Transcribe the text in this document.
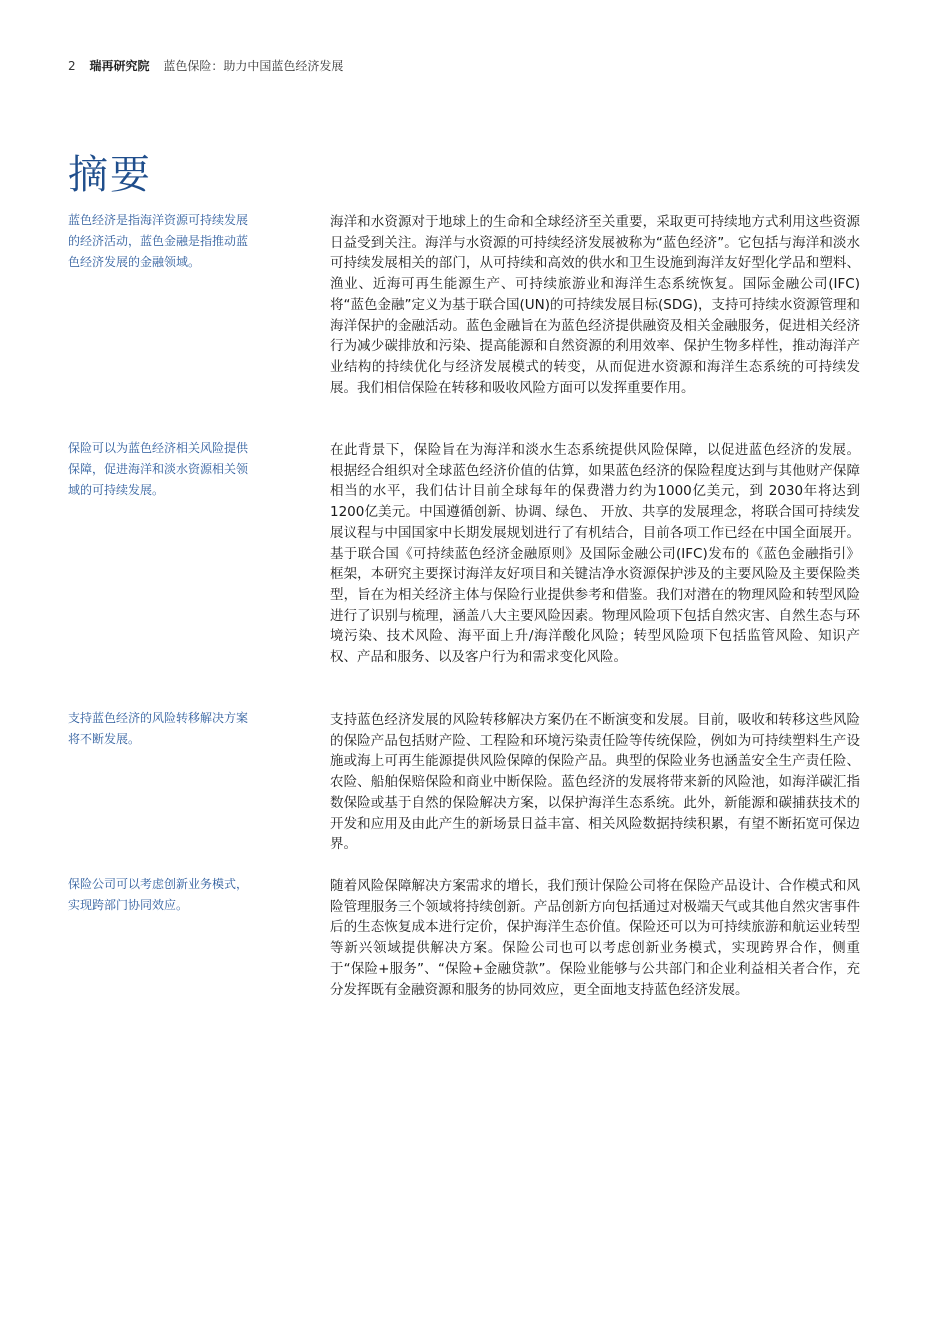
2 瑞再研究院 蓝色保险：助力中国蓝色经济发展
摘要
蓝色经济是指海洋资源可持续发展的经济活动，蓝色金融是指推动蓝色经济发展的金融领域。
海洋和水资源对于地球上的生命和全球经济至关重要，采取更可持续地方式利用这些资源日益受到关注。海洋与水资源的可持续经济发展被称为“蓝色经济”。它包括与海洋和淡水可持续发展相关的部门，从可持续和高效的供水和卫生设施到海洋友好型化学品和塑料、渔业、近海可再生能源生产、可持续旅游业和海洋生态系统恢复。国际金融公司(IFC)将“蓝色金融”定义为基于联合国(UN)的可持续发展目标(SDG)，支持可持续水资源管理和海洋保护的金融活动。蓝色金融旨在为蓝色经济提供融资及相关金融服务，促进相关经济行为减少碳排放和污染、提高能源和自然资源的利用效率、保护生物多样性，推动海洋产业结构的持续优化与经济发展模式的转变，从而促进水资源和海洋生态系统的可持续发展。我们相信保险在转移和吸收风险方面可以发挥重要作用。
保险可以为蓝色经济相关风险提供保障，促进海洋和淡水资源相关领域的可持续发展。
在此背景下，保险旨在为海洋和淡水生态系统提供风险保障，以促进蓝色经济的发展。 根据经合组织对全球蓝色经济价值的估算，如果蓝色经济的保险程度达到与其他财产保障相当的水平，我们估计目前全球每年的保费潜力约为1000亿美元，到 2030年将达到1200亿美元。中国遵循创新、协调、绿色、 开放、共享的发展理念，将联合国可持续发展议程与中国国家中长期发展规划进行了有机结合，目前各项工作已经在中国全面展开。基于联合国《可持续蓝色经济金融原则》及国际金融公司(IFC)发布的《蓝色金融指引》框架，本研究主要探讨海洋友好项目和关键洁净水资源保护涉及的主要风险及主要保险类型，旨在为相关经济主体与保险行业提供参考和借鉴。我们对潜在的物理风险和转型风险进行了识别与梳理，涵盖八大主要风险因素。物理风险项下包括自然灾害、自然生态与环境污染、技术风险、海平面上升/海洋酸化风险；转型风险项下包括监管风险、知识产权、产品和服务、以及客户行为和需求变化风险。
支持蓝色经济的风险转移解决方案将不断发展。
支持蓝色经济发展的风险转移解决方案仍在不断演变和发展。目前，吸收和转移这些风险的保险产品包括财产险、工程险和环境污染责任险等传统保险，例如为可持续塑料生产设施或海上可再生能源提供风险保障的保险产品。典型的保险业务也涵盖安全生产责任险、农险、船舶保赔保险和商业中断保险。蓝色经济的发展将带来新的风险池，如海洋碳汇指数保险或基于自然的保险解决方案，以保护海洋生态系统。此外，新能源和碳捕获技术的开发和应用及由此产生的新场景日益丰富、相关风险数据持续积累，有望不断拓宽可保边界。
保险公司可以考虑创新业务模式，实现跨部门协同效应。
随着风险保障解决方案需求的增长，我们预计保险公司将在保险产品设计、合作模式和风险管理服务三个领域将持续创新。产品创新方向包括通过对极端天气或其他自然灾害事件后的生态恢复成本进行定价，保护海洋生态价值。保险还可以为可持续旅游和航运业转型等新兴领域提供解决方案。保险公司也可以考虑创新业务模式，实现跨界合作，侧重于“保险+服务”、“保险+金融贷款”。保险业能够与公共部门和企业利益相关者合作，充分发挥既有金融资源和服务的协同效应，更全面地支持蓝色经济发展。
